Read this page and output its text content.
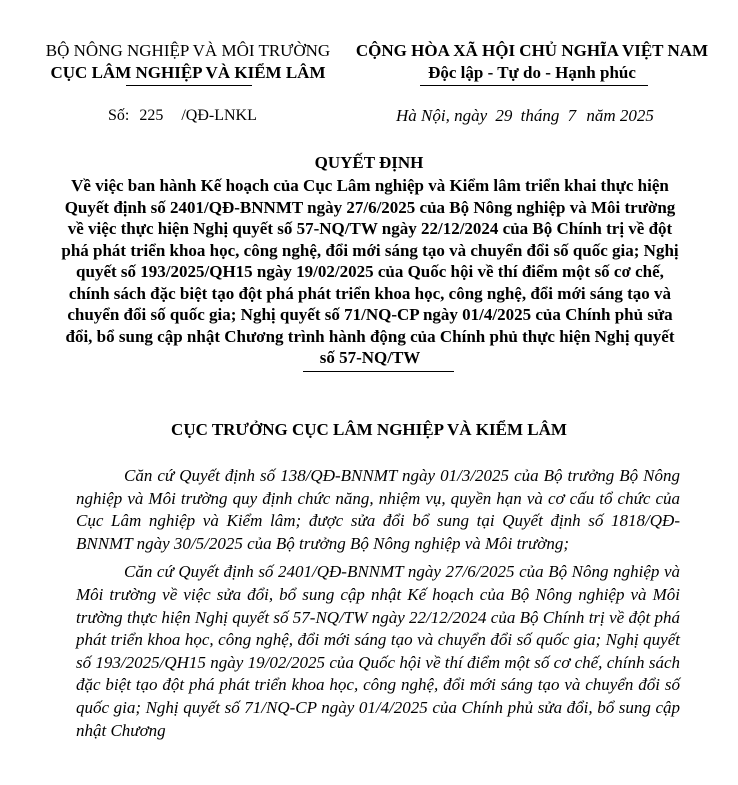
BỘ NÔNG NGHIỆP VÀ MÔI TRƯỜNG
CỤC LÂM NGHIỆP VÀ KIỂM LÂM
CỘNG HÒA XÃ HỘI CHỦ NGHĨA VIỆT NAM
Độc lập - Tự do - Hạnh phúc
Số: 225 /QĐ-LNKL	Hà Nội, ngày 29 tháng 7 năm 2025
QUYẾT ĐỊNH
Về việc ban hành Kế hoạch của Cục Lâm nghiệp và Kiểm lâm triển khai thực hiện Quyết định số 2401/QĐ-BNNMT ngày 27/6/2025 của Bộ Nông nghiệp và Môi trường về việc thực hiện Nghị quyết số 57-NQ/TW ngày 22/12/2024 của Bộ Chính trị về đột phá phát triển khoa học, công nghệ, đổi mới sáng tạo và chuyển đổi số quốc gia; Nghị quyết số 193/2025/QH15 ngày 19/02/2025 của Quốc hội về thí điểm một số cơ chế, chính sách đặc biệt tạo đột phá phát triển khoa học, công nghệ, đổi mới sáng tạo và chuyển đổi số quốc gia; Nghị quyết số 71/NQ-CP ngày 01/4/2025 của Chính phủ sửa đổi, bổ sung cập nhật Chương trình hành động của Chính phủ thực hiện Nghị quyết số 57-NQ/TW
CỤC TRƯỞNG CỤC LÂM NGHIỆP VÀ KIỂM LÂM

Căn cứ Quyết định số 138/QĐ-BNNMT ngày 01/3/2025 của Bộ trưởng Bộ Nông nghiệp và Môi trường quy định chức năng, nhiệm vụ, quyền hạn và cơ cấu tổ chức của Cục Lâm nghiệp và Kiểm lâm; được sửa đổi bổ sung tại Quyết định số 1818/QĐ-BNNMT ngày 30/5/2025 của Bộ trưởng Bộ Nông nghiệp và Môi trường;

Căn cứ Quyết định số 2401/QĐ-BNNMT ngày 27/6/2025 của Bộ Nông nghiệp và Môi trường về việc sửa đổi, bổ sung cập nhật Kế hoạch của Bộ Nông nghiệp và Môi trường thực hiện Nghị quyết số 57-NQ/TW ngày 22/12/2024 của Bộ Chính trị về đột phá phát triển khoa học, công nghệ, đổi mới sáng tạo và chuyển đổi số quốc gia; Nghị quyết số 193/2025/QH15 ngày 19/02/2025 của Quốc hội về thí điểm một số cơ chế, chính sách đặc biệt tạo đột phá phát triển khoa học, công nghệ, đổi mới sáng tạo và chuyển đổi số quốc gia; Nghị quyết số 71/NQ-CP ngày 01/4/2025 của Chính phủ sửa đổi, bổ sung cập nhật Chương
